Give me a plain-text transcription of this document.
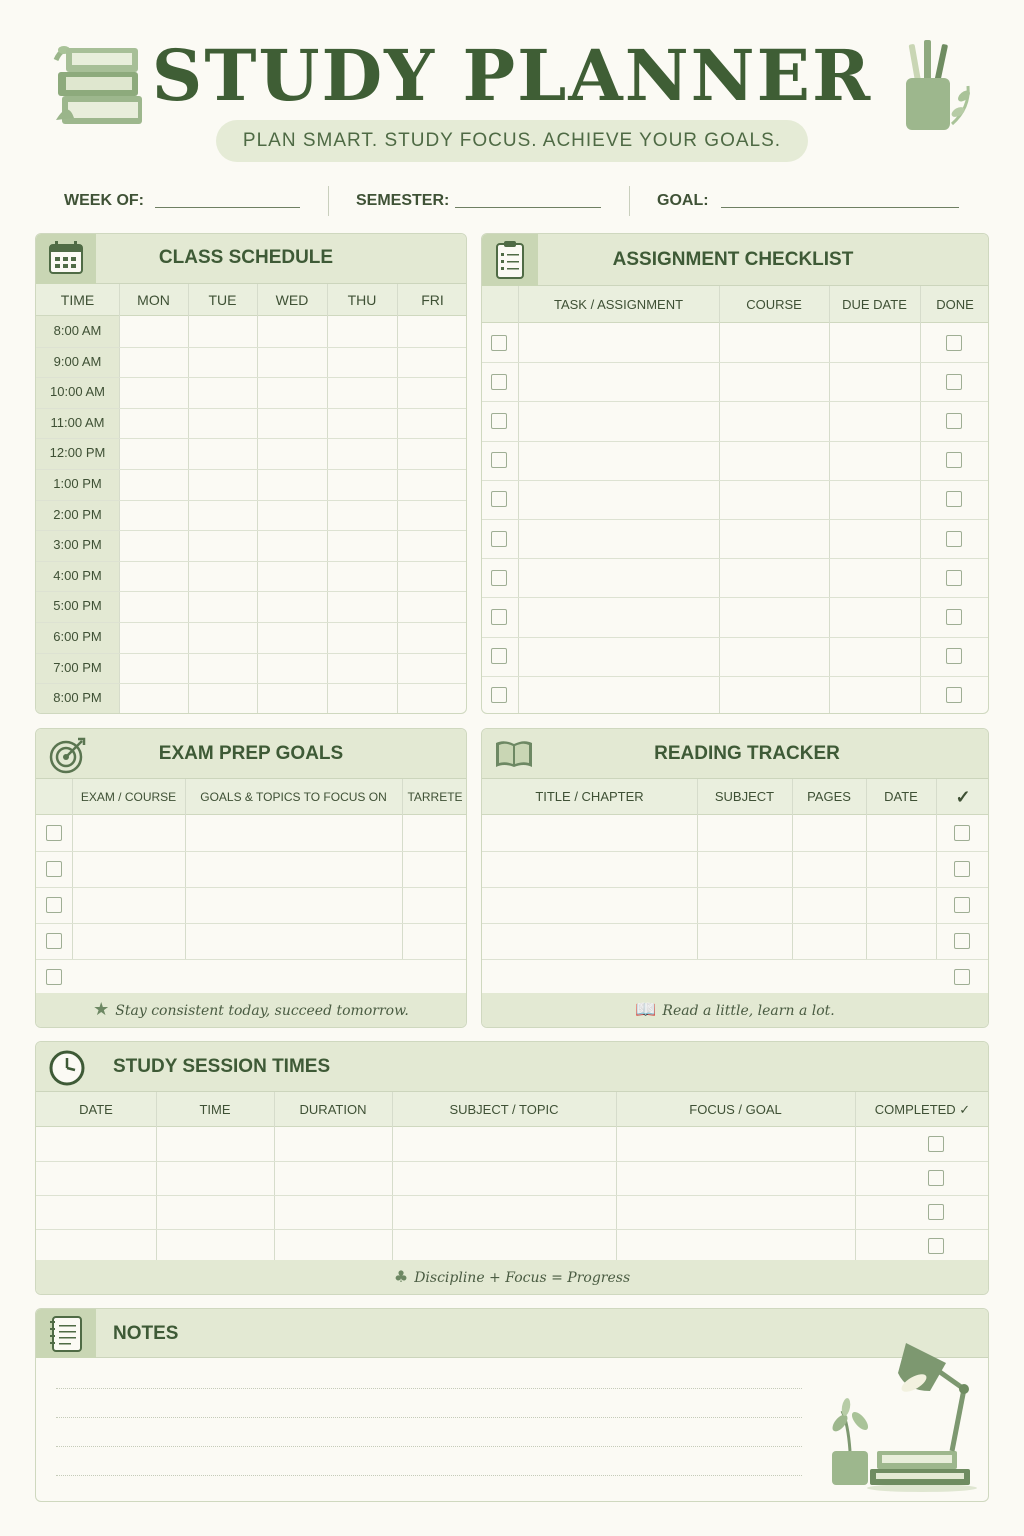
STUDY PLANNER
PLAN SMART. STUDY FOCUS. ACHIEVE YOUR GOALS.
WEEK OF:	SEMESTER:	GOAL:
CLASS SCHEDULE
TIME	MON	TUE	WED	THU	FRI
8:00 AM
9:00 AM
10:00 AM
11:00 AM
12:00 PM
1:00 PM
2:00 PM
3:00 PM
4:00 PM
5:00 PM
6:00 PM
7:00 PM
8:00 PM
ASSIGNMENT CHECKLIST
TASK / ASSIGNMENT	COURSE	DUE DATE	DONE
EXAM PREP GOALS
EXAM / COURSE	GOALS & TOPICS TO FOCUS ON	TARRETE
★ Stay consistent today, succeed tomorrow.
READING TRACKER
TITLE / CHAPTER	SUBJECT	PAGES	DATE	✓
📖 Read a little, learn a lot.
STUDY SESSION TIMES
DATE	TIME	DURATION	SUBJECT / TOPIC	FOCUS / GOAL	COMPLETED ✓
♣ Discipline + Focus = Progress
NOTES
